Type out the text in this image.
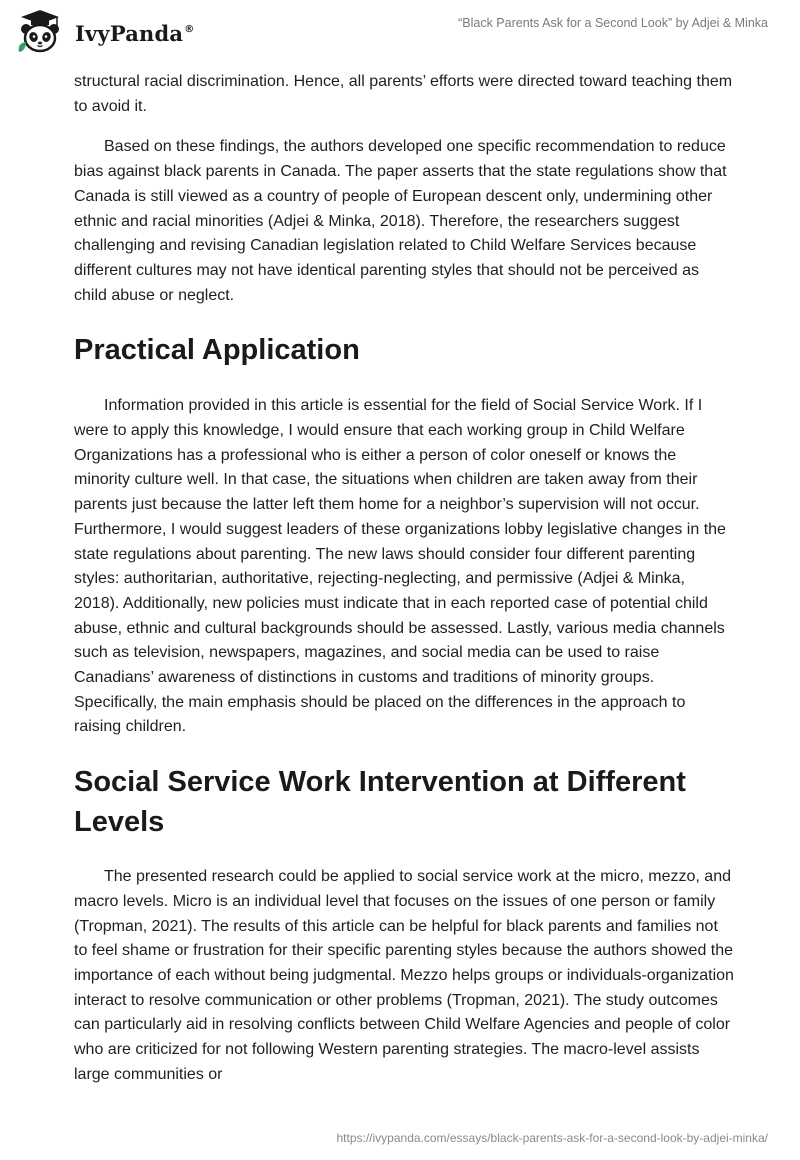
IvyPanda®	“Black Parents Ask for a Second Look” by Adjei & Minka

structural racial discrimination. Hence, all parents’ efforts were directed toward teaching them to avoid it.

Based on these findings, the authors developed one specific recommendation to reduce bias against black parents in Canada. The paper asserts that the state regulations show that Canada is still viewed as a country of people of European descent only, undermining other ethnic and racial minorities (Adjei & Minka, 2018). Therefore, the researchers suggest challenging and revising Canadian legislation related to Child Welfare Services because different cultures may not have identical parenting styles that should not be perceived as child abuse or neglect.

Practical Application

Information provided in this article is essential for the field of Social Service Work. If I were to apply this knowledge, I would ensure that each working group in Child Welfare Organizations has a professional who is either a person of color oneself or knows the minority culture well. In that case, the situations when children are taken away from their parents just because the latter left them home for a neighbor’s supervision will not occur. Furthermore, I would suggest leaders of these organizations lobby legislative changes in the state regulations about parenting. The new laws should consider four different parenting styles: authoritarian, authoritative, rejecting-neglecting, and permissive (Adjei & Minka, 2018). Additionally, new policies must indicate that in each reported case of potential child abuse, ethnic and cultural backgrounds should be assessed. Lastly, various media channels such as television, newspapers, magazines, and social media can be used to raise Canadians’ awareness of distinctions in customs and traditions of minority groups. Specifically, the main emphasis should be placed on the differences in the approach to raising children.

Social Service Work Intervention at Different Levels

The presented research could be applied to social service work at the micro, mezzo, and macro levels. Micro is an individual level that focuses on the issues of one person or family (Tropman, 2021). The results of this article can be helpful for black parents and families not to feel shame or frustration for their specific parenting styles because the authors showed the importance of each without being judgmental. Mezzo helps groups or individuals-organization interact to resolve communication or other problems (Tropman, 2021). The study outcomes can particularly aid in resolving conflicts between Child Welfare Agencies and people of color who are criticized for not following Western parenting strategies. The macro-level assists large communities or

https://ivypanda.com/essays/black-parents-ask-for-a-second-look-by-adjei-minka/
